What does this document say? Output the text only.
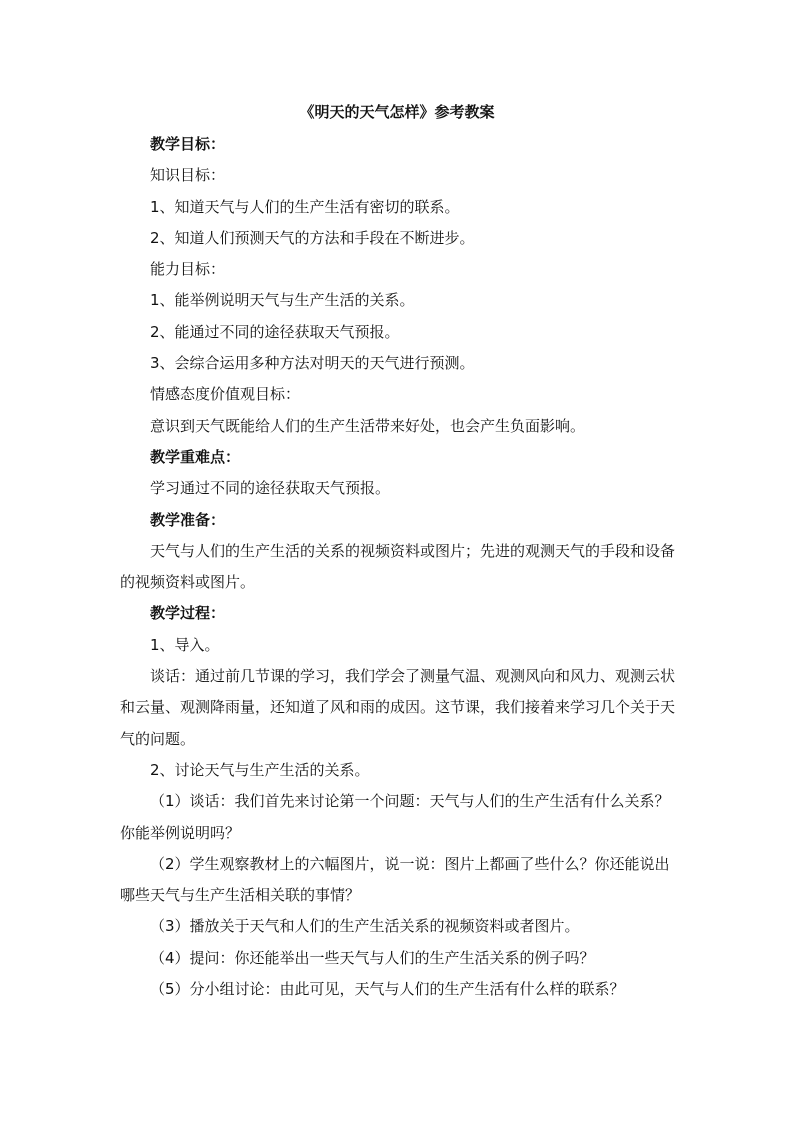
《明天的天气怎样》参考教案

教学目标：

知识目标：

1、知道天气与人们的生产生活有密切的联系。

2、知道人们预测天气的方法和手段在不断进步。

能力目标：

1、能举例说明天气与生产生活的关系。

2、能通过不同的途径获取天气预报。

3、会综合运用多种方法对明天的天气进行预测。

情感态度价值观目标：

意识到天气既能给人们的生产生活带来好处，也会产生负面影响。

教学重难点：

学习通过不同的途径获取天气预报。

教学准备：

天气与人们的生产生活的关系的视频资料或图片；先进的观测天气的手段和设备的视频资料或图片。

教学过程：

1、导入。

谈话：通过前几节课的学习，我们学会了测量气温、观测风向和风力、观测云状和云量、观测降雨量，还知道了风和雨的成因。这节课，我们接着来学习几个关于天气的问题。

2、讨论天气与生产生活的关系。

（1）谈话：我们首先来讨论第一个问题：天气与人们的生产生活有什么关系？你能举例说明吗？

（2）学生观察教材上的六幅图片，说一说：图片上都画了些什么？你还能说出哪些天气与生产生活相关联的事情？

（3）播放关于天气和人们的生产生活关系的视频资料或者图片。

（4）提问：你还能举出一些天气与人们的生产生活关系的例子吗？

（5）分小组讨论：由此可见，天气与人们的生产生活有什么样的联系？
